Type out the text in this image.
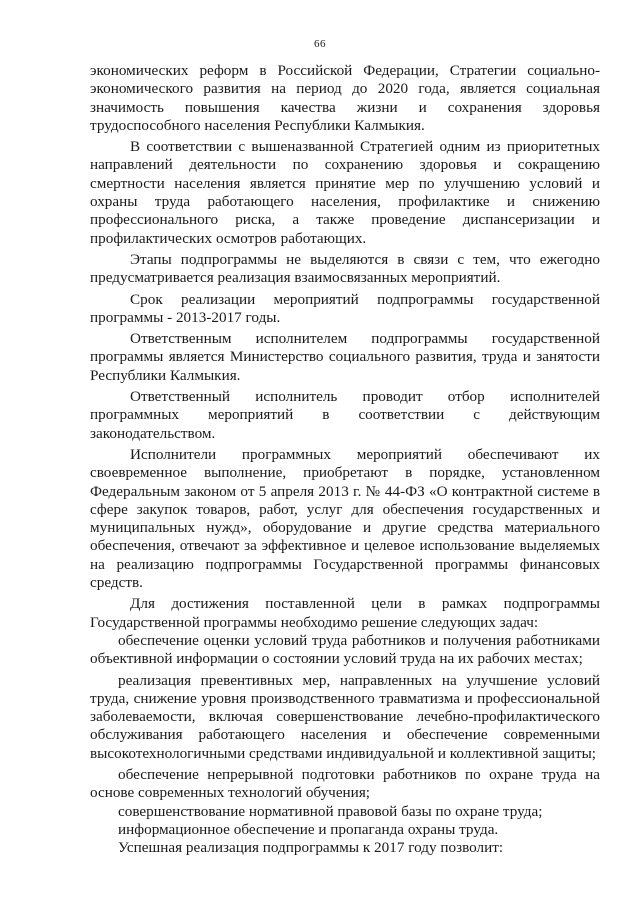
66

экономических реформ в Российской Федерации, Стратегии социально-экономического развития на период до 2020 года, является социальная значимость повышения качества жизни и сохранения здоровья трудоспособного населения Республики Калмыкия.

В соответствии с вышеназванной Стратегией одним из приоритетных направлений деятельности по сохранению здоровья и сокращению смертности населения является принятие мер по улучшению условий и охраны труда работающего населения, профилактике и снижению профессионального риска, а также проведение диспансеризации и профилактических осмотров работающих.

Этапы подпрограммы не выделяются в связи с тем, что ежегодно предусматривается реализация взаимосвязанных мероприятий.

Срок реализации мероприятий подпрограммы государственной программы - 2013-2017 годы.

Ответственным исполнителем подпрограммы государственной программы является Министерство социального развития, труда и занятости Республики Калмыкия.

Ответственный исполнитель проводит отбор исполнителей программных мероприятий в соответствии с действующим законодательством.

Исполнители программных мероприятий обеспечивают их своевременное выполнение, приобретают в порядке, установленном Федеральным законом от 5 апреля 2013 г. № 44-ФЗ «О контрактной системе в сфере закупок товаров, работ, услуг для обеспечения государственных и муниципальных нужд», оборудование и другие средства материального обеспечения, отвечают за эффективное и целевое использование выделяемых на реализацию подпрограммы Государственной программы финансовых средств.

Для достижения поставленной цели в рамках подпрограммы Государственной программы необходимо решение следующих задач:

обеспечение оценки условий труда работников и получения работниками объективной информации о состоянии условий труда на их рабочих местах;

реализация превентивных мер, направленных на улучшение условий труда, снижение уровня производственного травматизма и профессиональной заболеваемости, включая совершенствование лечебно-профилактического обслуживания работающего населения и обеспечение современными высокотехнологичными средствами индивидуальной и коллективной защиты;

обеспечение непрерывной подготовки работников по охране труда на основе современных технологий обучения;

совершенствование нормативной правовой базы по охране труда;

информационное обеспечение и пропаганда охраны труда.

Успешная реализация подпрограммы к 2017 году позволит:
